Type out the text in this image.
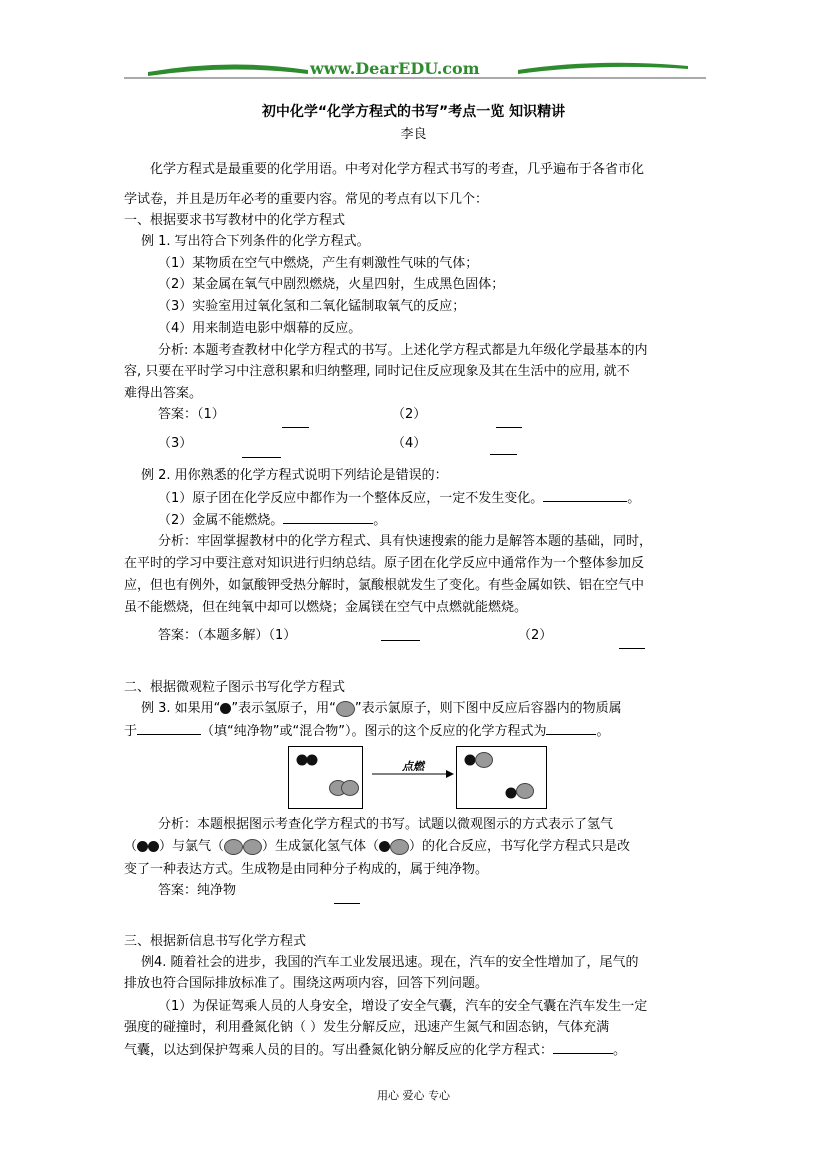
www.DearEDU.com
初中化学“化学方程式的书写”考点一览 知识精讲
李良
化学方程式是最重要的化学用语。中考对化学方程式书写的考查，几乎遍布于各省市化
学试卷，并且是历年必考的重要内容。常见的考点有以下几个：
一、根据要求书写教材中的化学方程式
例 1. 写出符合下列条件的化学方程式。
（1）某物质在空气中燃烧，产生有刺激性气味的气体；
（2）某金属在氧气中剧烈燃烧，火星四射，生成黑色固体；
（3）实验室用过氧化氢和二氧化锰制取氧气的反应；
（4）用来制造电影中烟幕的反应。
分析: 本题考查教材中化学方程式的书写。上述化学方程式都是九年级化学最基本的内
容, 只要在平时学习中注意积累和归纳整理, 同时记住反应现象及其在生活中的应用, 就不
难得出答案。
答案：（1）	（2）
（3）	（4）
例 2. 用你熟悉的化学方程式说明下列结论是错误的：
（1）原子团在化学反应中都作为一个整体反应，一定不发生变化。	。
（2）金属不能燃烧。	。
分析：牢固掌握教材中的化学方程式、具有快速搜索的能力是解答本题的基础，同时，
在平时的学习中要注意对知识进行归纳总结。原子团在化学反应中通常作为一个整体参加反
应，但也有例外，如氯酸钾受热分解时，氯酸根就发生了变化。有些金属如铁、铝在空气中
虽不能燃烧，但在纯氧中却可以燃烧；金属镁在空气中点燃就能燃烧。
答案：（本题多解）（1）	（2）
二、根据微观粒子图示书写化学方程式
例 3. 如果用“ ”表示氢原子，用“ ”表示氯原子，则下图中反应后容器内的物质属
于	（填“纯净物”或“混合物”）。图示的这个反应的化学方程式为	。
点燃
分析：本题根据图示考查化学方程式的书写。试题以微观图示的方式表示了氢气
（ ）与氯气（	）生成氯化氢气体（ ）的化合反应，书写化学方程式只是改
变了一种表达方式。生成物是由同种分子构成的，属于纯净物。
答案：纯净物
三、根据新信息书写化学方程式
例4. 随着社会的进步，我国的汽车工业发展迅速。现在，汽车的安全性增加了，尾气的
排放也符合国际排放标准了。围绕这两项内容，回答下列问题。
（1）为保证驾乘人员的人身安全，增设了安全气囊，汽车的安全气囊在汽车发生一定
强度的碰撞时，利用叠氮化钠（ ）发生分解反应，迅速产生氮气和固态钠，气体充满
气囊，以达到保护驾乘人员的目的。写出叠氮化钠分解反应的化学方程式：	。
用心 爱心 专心
